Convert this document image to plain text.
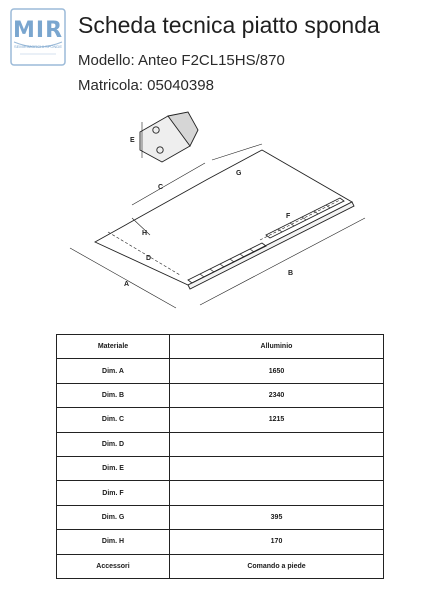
MIR
SEMIRIMORCHI SPONDE
Scheda tecnica piatto sponda
Modello: Anteo F2CL15HS/870
Matricola: 05040398
A
B
C
D
E
F
G
H
Materiale	Alluminio
Dim. A	1650
Dim. B	2340
Dim. C	1215
Dim. D	
Dim. E	
Dim. F	
Dim. G	395
Dim. H	170
Accessori	Comando a piede
